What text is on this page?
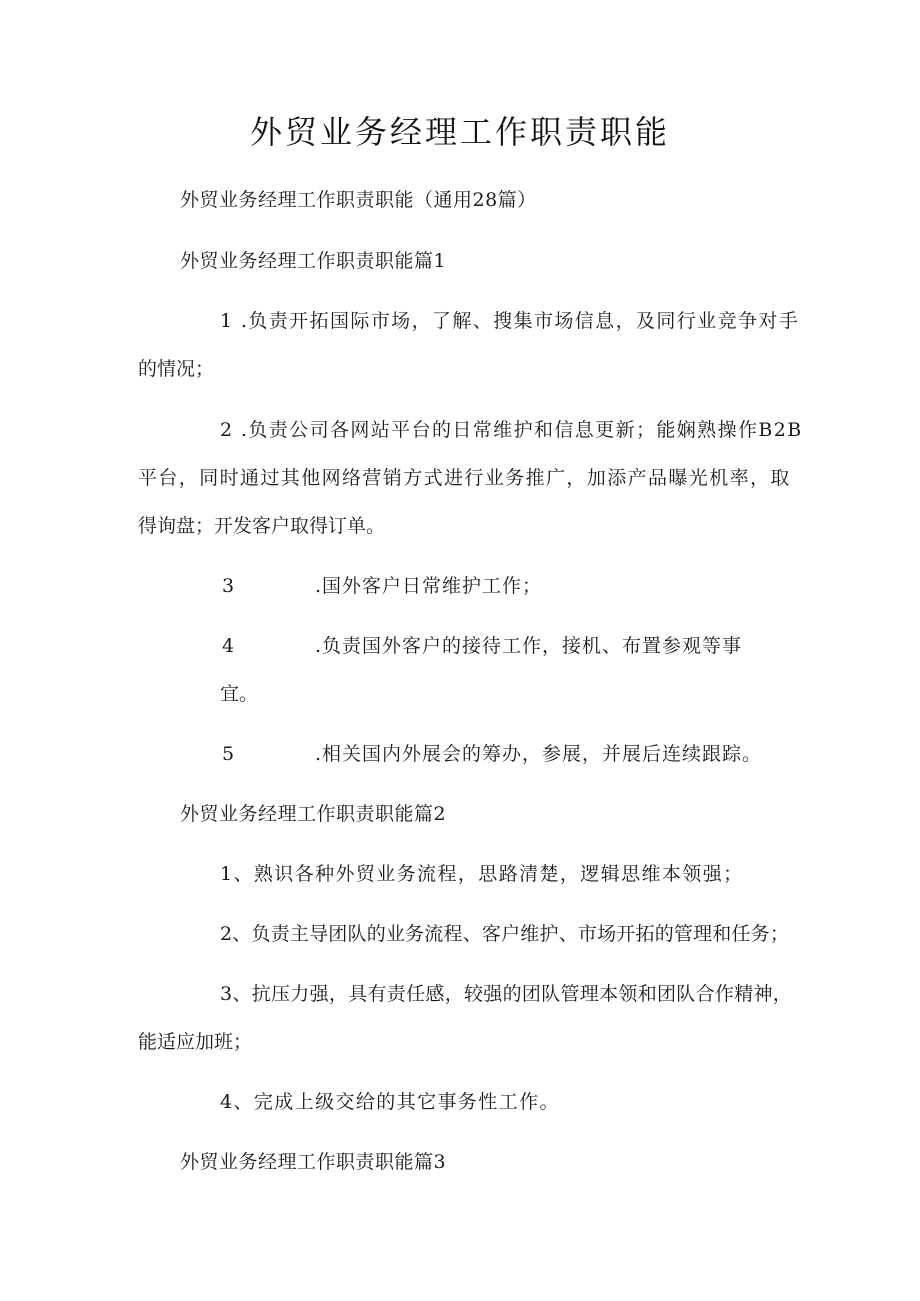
外贸业务经理工作职责职能
外贸业务经理工作职责职能（通用28篇）
外贸业务经理工作职责职能篇1
1 .负责开拓国际市场，了解、搜集市场信息，及同行业竞争对手
的情况；
2 .负责公司各网站平台的日常维护和信息更新；能娴熟操作B2B
平台，同时通过其他网络营销方式进行业务推广，加添产品曝光机率，取
得询盘；开发客户取得订单。
3	.国外客户日常维护工作；
4	.负责国外客户的接待工作，接机、布置参观等事
宜。
5	.相关国内外展会的筹办，参展，并展后连续跟踪。
外贸业务经理工作职责职能篇2
1、熟识各种外贸业务流程，思路清楚，逻辑思维本领强；
2、负责主导团队的业务流程、客户维护、市场开拓的管理和任务；
3、抗压力强，具有责任感，较强的团队管理本领和团队合作精神，
能适应加班；
4、完成上级交给的其它事务性工作。
外贸业务经理工作职责职能篇3
